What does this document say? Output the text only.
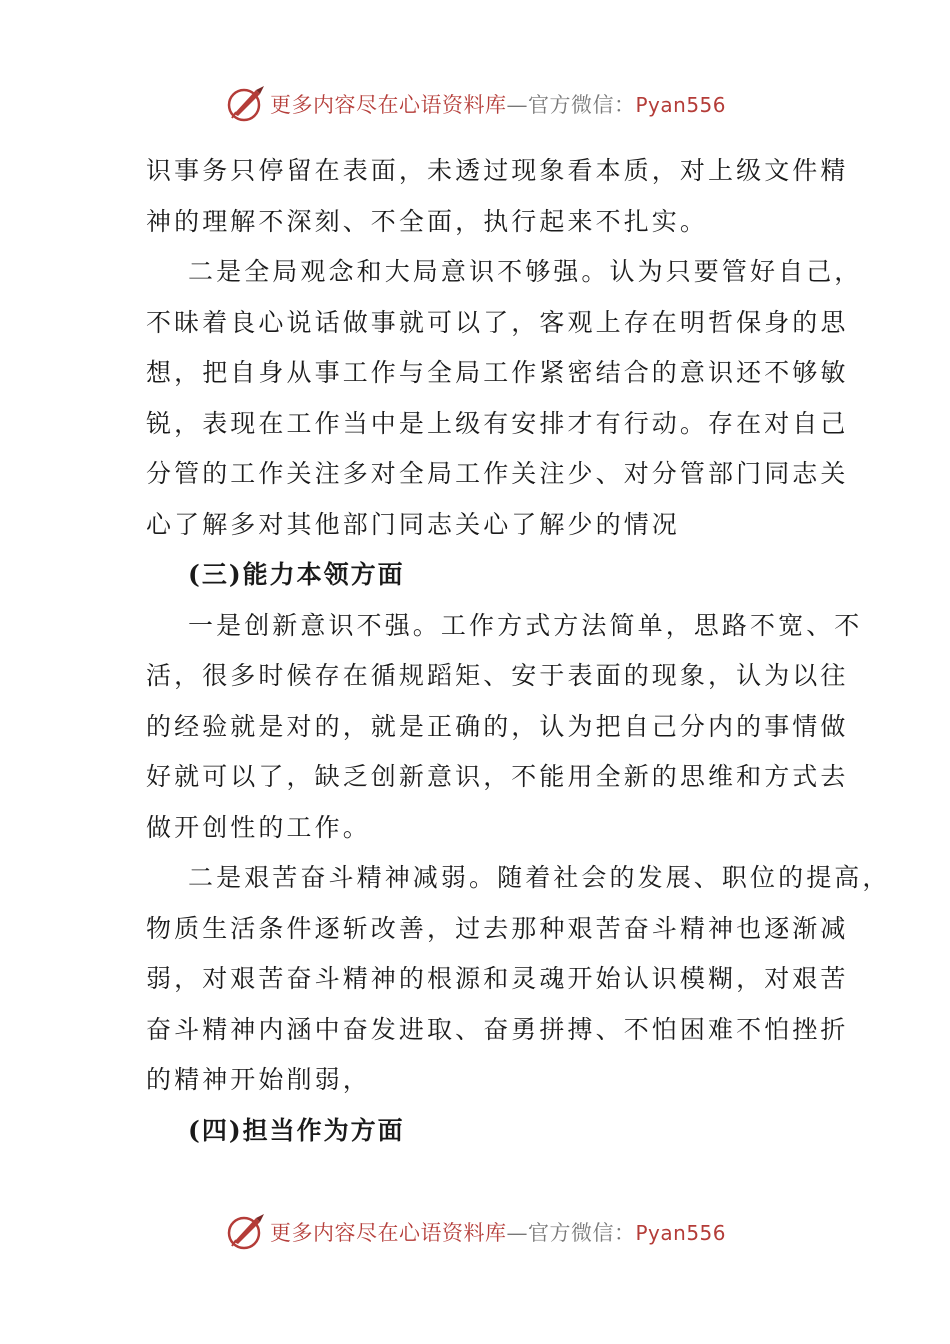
更多内容尽在心语资料库—官方微信：Pyan556
识事务只停留在表面，未透过现象看本质，对上级文件精
神的理解不深刻、不全面，执行起来不扎实。
二是全局观念和大局意识不够强。认为只要管好自己，
不昧着良心说话做事就可以了，客观上存在明哲保身的思
想，把自身从事工作与全局工作紧密结合的意识还不够敏
锐，表现在工作当中是上级有安排才有行动。存在对自己
分管的工作关注多对全局工作关注少、对分管部门同志关
心了解多对其他部门同志关心了解少的情况
(三)能力本领方面
一是创新意识不强。工作方式方法简单，思路不宽、不
活，很多时候存在循规蹈矩、安于表面的现象，认为以往
的经验就是对的，就是正确的，认为把自己分内的事情做
好就可以了，缺乏创新意识，不能用全新的思维和方式去
做开创性的工作。
二是艰苦奋斗精神减弱。随着社会的发展、职位的提高，
物质生活条件逐斩改善，过去那种艰苦奋斗精神也逐渐减
弱，对艰苦奋斗精神的根源和灵魂开始认识模糊，对艰苦
奋斗精神内涵中奋发进取、奋勇拼搏、不怕困难不怕挫折
的精神开始削弱，
(四)担当作为方面
更多内容尽在心语资料库—官方微信：Pyan556
